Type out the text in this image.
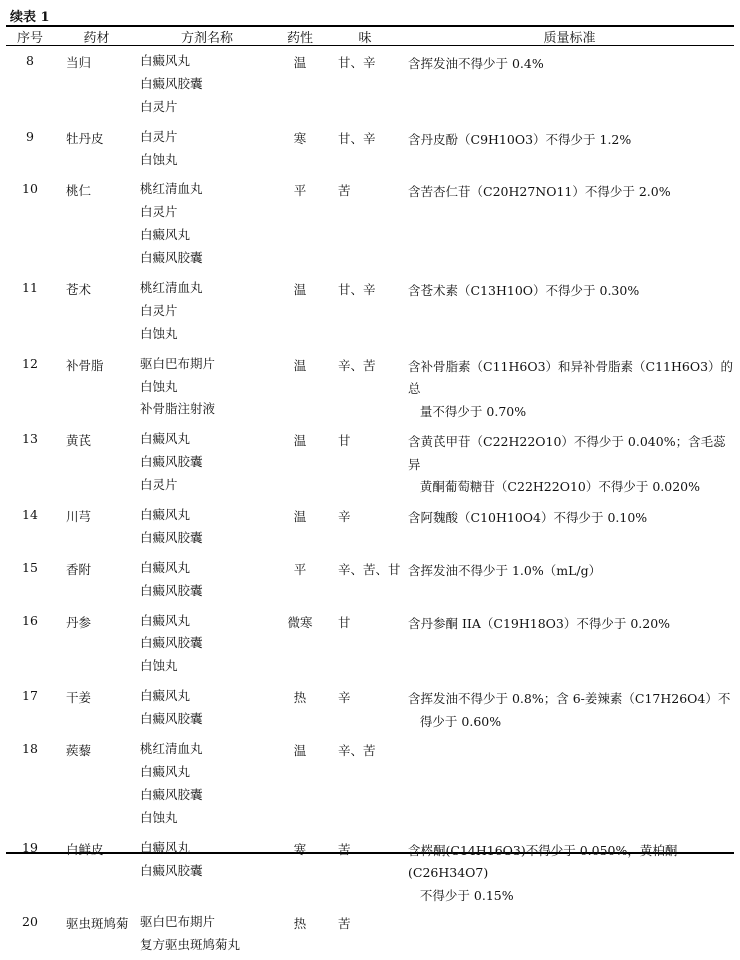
续表 1
序号	药材	方剂名称	药性	味	质量标准
8	当归	白癜风丸
白癜风胶囊
白灵片	温	甘、辛	含挥发油不得少于 0.4%

9	牡丹皮	白灵片
白蚀丸	寒	甘、辛	含丹皮酚（C9H10O3）不得少于 1.2%

10	桃仁	桃红清血丸
白灵片
白癜风丸
白癜风胶囊	平	苦	含苦杏仁苷（C20H27NO11）不得少于 2.0%

11	苍术	桃红清血丸
白灵片
白蚀丸	温	甘、辛	含苍术素（C13H10O）不得少于 0.30%

12	补骨脂	驱白巴布期片
白蚀丸
补骨脂注射液	温	辛、苦	含补骨脂素（C11H6O3）和异补骨脂素（C11H6O3）的总
量不得少于 0.70%

13	黄芪	白癜风丸
白癜风胶囊
白灵片	温	甘	含黄芪甲苷（C22H22O10）不得少于 0.040%；含毛蕊异
黄酮葡萄糖苷（C22H22O10）不得少于 0.020%

14	川芎	白癜风丸
白癜风胶囊	温	辛	含阿魏酸（C10H10O4）不得少于 0.10%

15	香附	白癜风丸
白癜风胶囊	平	辛、苦、甘	含挥发油不得少于 1.0%（mL/g）

16	丹参	白癜风丸
白癜风胶囊
白蚀丸	微寒	甘	含丹参酮 IIA（C19H18O3）不得少于 0.20%

17	干姜	白癜风丸
白癜风胶囊	热	辛	含挥发油不得少于 0.8%；含 6-姜辣素（C17H26O4）不
得少于 0.60%

18	蒺藜	桃红清血丸
白癜风丸
白癜风胶囊
白蚀丸	温	辛、苦	

19	白鲜皮	白癜风丸
白癜风胶囊	寒	苦	含梣酮(C14H16O3)不得少于 0.050%，黄柏酮(C26H34O7)
不得少于 0.15%

20	驱虫斑鸠菊	驱白巴布期片
复方驱虫斑鸠菊丸	热	苦	
